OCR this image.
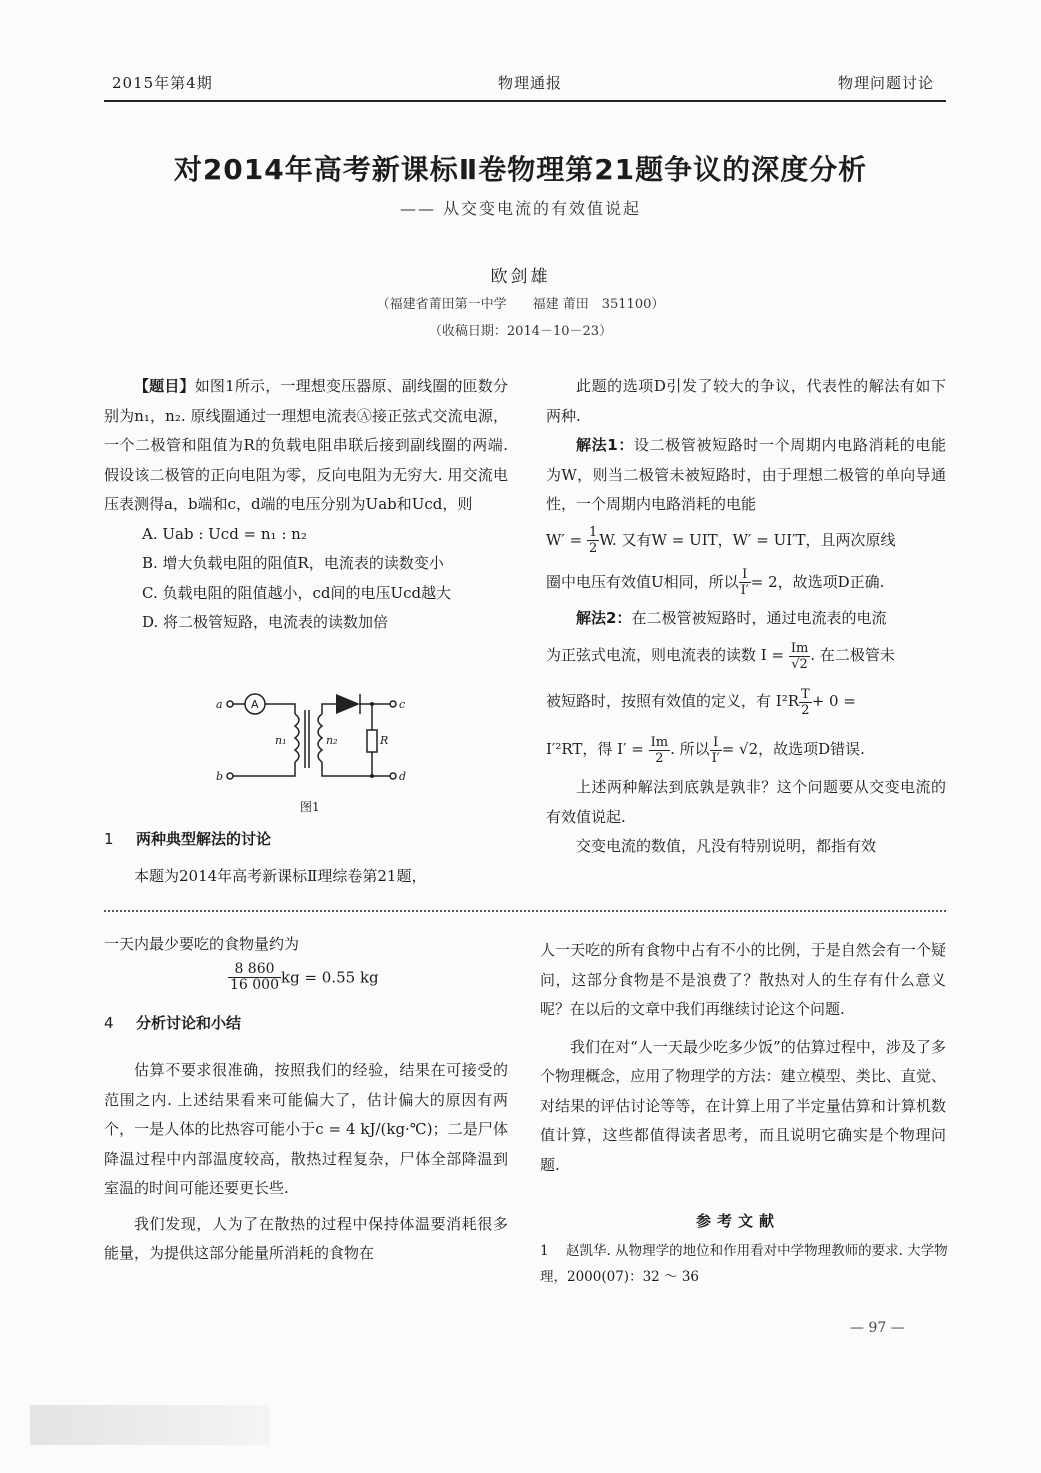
2015年第4期	物理通报	物理问题讨论
对2014年高考新课标Ⅱ卷物理第21题争议的深度分析
—— 从交变电流的有效值说起
欧剑雄
（福建省莆田第一中学　　福建 莆田　351100）
（收稿日期：2014－10－23）

【题目】如图1所示，一理想变压器原、副线圈的匝数分别为n₁，n₂. 原线圈通过一理想电流表Ⓐ接正弦式交流电源，一个二极管和阻值为R的负载电阻串联后接到副线圈的两端. 假设该二极管的正向电阻为零，反向电阻为无穷大. 用交流电压表测得a，b端和c，d端的电压分别为Uab和Ucd，则

A. Uab : Ucd = n₁ : n₂

B. 增大负载电阻的阻值R，电流表的读数变小

C. 负载电阻的阻值越小，cd间的电压Ucd越大

D. 将二极管短路，电流表的读数加倍

a
b
c
d
n₁	n₂	R
A
图1
1 两种典型解法的讨论

本题为2014年高考新课标Ⅱ理综卷第21题，

此题的选项D引发了较大的争议，代表性的解法有如下两种.

解法1：设二极管被短路时一个周期内电路消耗的电能为W，则当二极管未被短路时，由于理想二极管的单向导通性，一个周期内电路消耗的电能

$W' = \frac{1}{2} W$. 又有W = UIT，W′ = UI′T，且两次原线

圈中电压有效值U相同，所以 $\frac{I}{I'} = 2$，故选项D正确.

解法2：在二极管被短路时，通过电流表的电流

为正弦式电流，则电流表的读数 $I = \frac{Im}{√2}$ . 在二极管未

被短路时，按照有效值的定义，有 $I^2R \frac{T}{2} + 0$ =

I′²RT，得 $I' = \frac{Im}{2}$ . 所以 $\frac{I}{I'} = √2$，故选项D错误.

上述两种解法到底孰是孰非？这个问题要从交变电流的有效值说起.

交变电流的数值，凡没有特别说明，都指有效

一天内最少要吃的食物量约为

$\frac{8 860}{16 000}$ kg = 0.55 kg
4 分析讨论和小结

估算不要求很准确，按照我们的经验，结果在可接受的范围之内. 上述结果看来可能偏大了，估计偏大的原因有两个，一是人体的比热容可能小于c = 4 kJ/(kg·℃)；二是尸体降温过程中内部温度较高，散热过程复杂，尸体全部降温到室温的时间可能还要更长些.

我们发现，人为了在散热的过程中保持体温要消耗很多能量，为提供这部分能量所消耗的食物在

人一天吃的所有食物中占有不小的比例，于是自然会有一个疑问，这部分食物是不是浪费了？散热对人的生存有什么意义呢？在以后的文章中我们再继续讨论这个问题.

我们在对“人一天最少吃多少饭”的估算过程中，涉及了多个物理概念，应用了物理学的方法：建立模型、类比、直觉、对结果的评估讨论等等，在计算上用了半定量估算和计算机数值计算，这些都值得读者思考，而且说明它确实是个物理问题.

参考文献
1 赵凯华. 从物理学的地位和作用看对中学物理教师的要求. 大学物理，2000(07)：32 ～ 36
— 97 —
